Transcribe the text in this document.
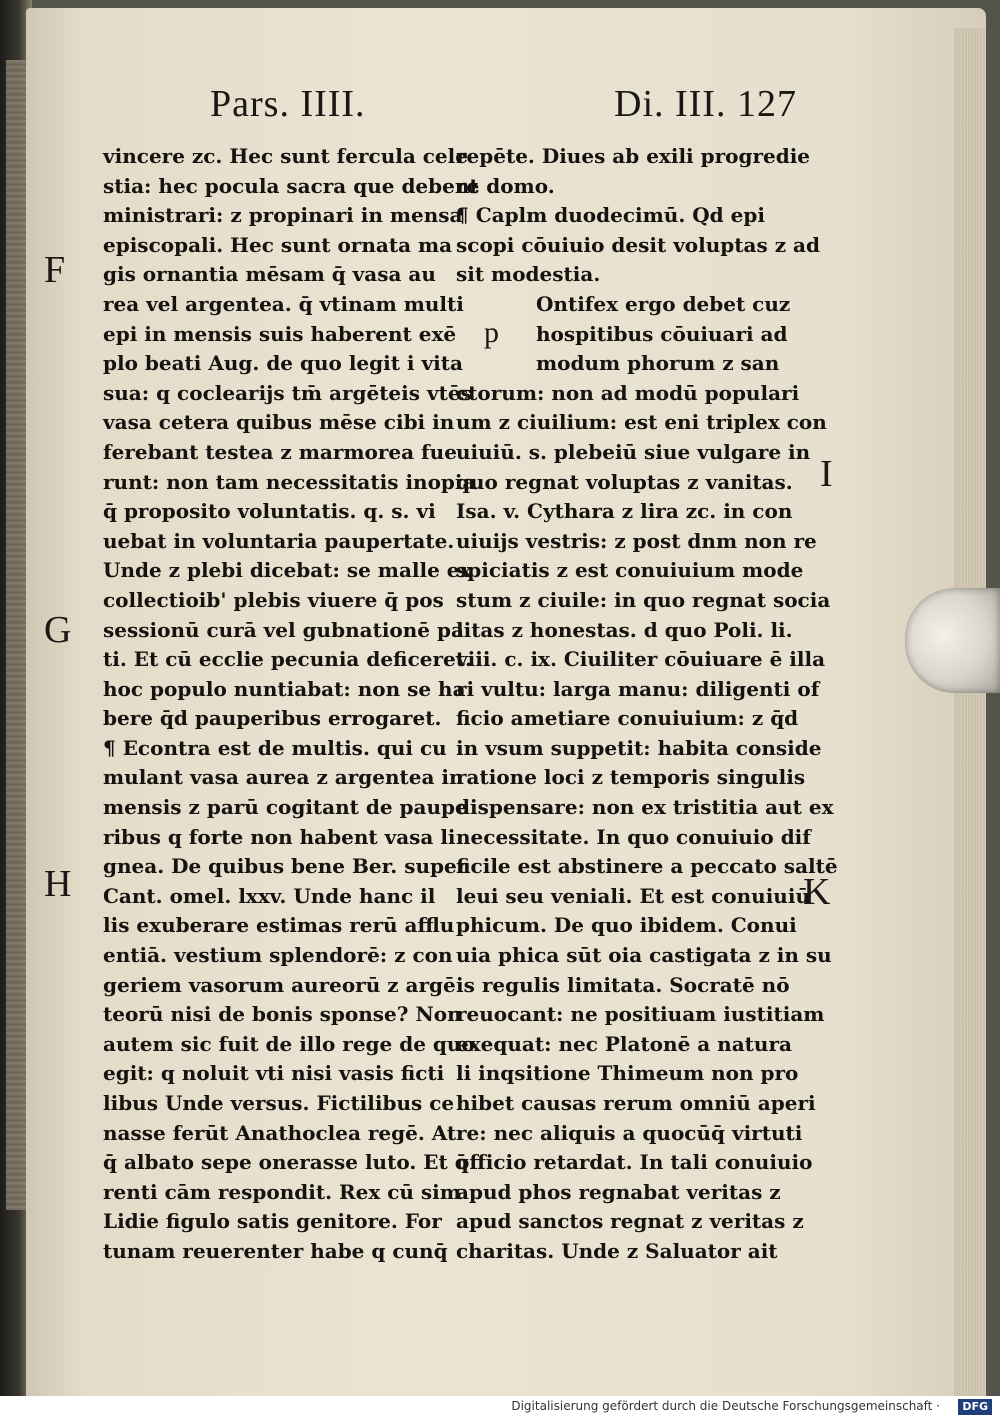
Pars. IIII.	Di. III. 127
F
G
H
I
K
p
vincere zc. Hec sunt fercula cele
stia: hec pocula sacra que debent
ministrari: z propinari in mensa
episcopali. Hec sunt ornata ma
gis ornantia mēsam q̄ vasa au
rea vel argentea. q̄ vtinam multi
epi in mensis suis haberent exē
plo beati Aug. de quo legit i vita
sua: q coclearijs tm̄ argēteis vtēs
vasa cetera quibus mēse cibi in
ferebant testea z marmorea fue
runt: non tam necessitatis inopia
q̄ proposito voluntatis. q. s. vi
uebat in voluntaria paupertate.
Unde z plebi dicebat: se malle ex
collectioib' plebis viuere q̄ pos
sessionū curā vel gubnationē pa
ti. Et cū ecclie pecunia deficeret.
hoc populo nuntiabat: non se ha
bere q̄d pauperibus errogaret.
¶ Econtra est de multis. qui cu
mulant vasa aurea z argentea in
mensis z parū cogitant de paupe
ribus q forte non habent vasa li
gnea. De quibus bene Ber. super
Cant. omel. lxxv. Unde hanc il
lis exuberare estimas rerū afflu
entiā. vestium splendorē: z con
geriem vasorum aureorū z argē
teorū nisi de bonis sponse? Non
autem sic fuit de illo rege de quo
egit: q noluit vti nisi vasis ficti
libus Unde versus. Fictilibus ce
nasse ferūt Anathoclea regē. At
q̄ albato sepe onerasse luto. Et q̄
renti cām respondit. Rex cū sim
Lidie figulo satis genitore. For
tunam reuerenter habe q cunq̄
repēte. Diues ab exili progredie
re domo.
¶ Caplm duodecimū. Qd epi
scopi cōuiuio desit voluptas z ad
sit modestia.
Ontifex ergo debet cuz
hospitibus cōuiuari ad
modum phorum z san
ctorum: non ad modū populari
um z ciuilium: est eni triplex con
uiuiū. s. plebeiū siue vulgare in
quo regnat voluptas z vanitas.
Isa. v. Cythara z lira zc. in con
uiuijs vestris: z post dnm non re
spiciatis z est conuiuium mode
stum z ciuile: in quo regnat socia
litas z honestas. d quo Poli. li.
viii. c. ix. Ciuiliter cōuiuare ē illa
ri vultu: larga manu: diligenti of
ficio ametiare conuiuium: z q̄d
in vsum suppetit: habita conside
ratione loci z temporis singulis
dispensare: non ex tristitia aut ex
necessitate. In quo conuiuio dif
ficile est abstinere a peccato saltē
leui seu veniali. Et est conuiuiū
phicum. De quo ibidem. Conui
uia phica sūt oia castigata z in su
is regulis limitata. Socratē nō
reuocant: ne positiuam iustitiam
exequat: nec Platonē a natura
li inqsitione Thimeum non pro
hibet causas rerum omniū aperi
re: nec aliquis a quocūq̄ virtuti
officio retardat. In tali conuiuio
apud phos regnabat veritas z
apud sanctos regnat z veritas z
charitas. Unde z Saluator ait
Digitalisierung gefördert durch die Deutsche Forschungsgemeinschaft ·	DFG
